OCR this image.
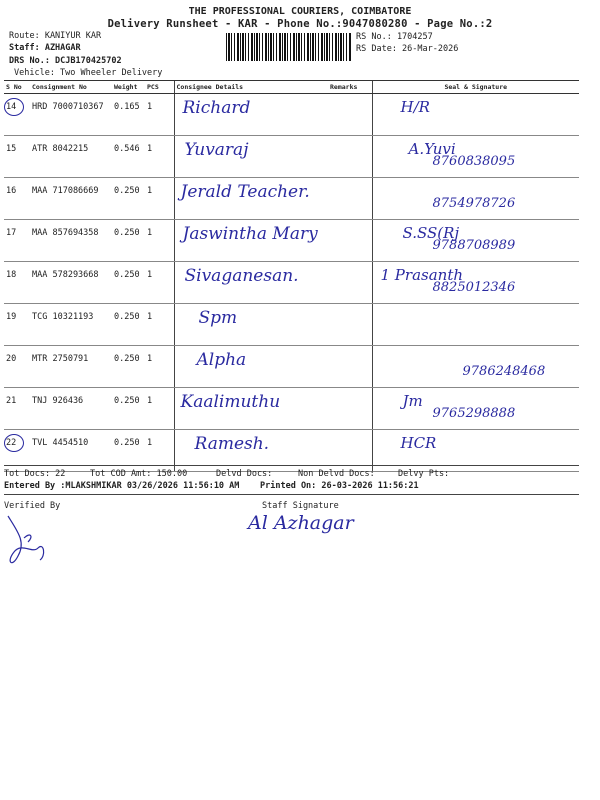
THE PROFESSIONAL COURIERS, COIMBATORE
Delivery Runsheet - KAR - Phone No.:9047080280 - Page No.:2
Route: KANIYUR KAR
Staff: AZHAGAR
DRS No.: DCJB170425702
Vehicle: Two Wheeler Delivery
RS No.: 1704257
RS Date: 26-Mar-2026
S No	Consignment No	Weight	PCS	Consignee Details	Remarks	Seal & Signature

14	HRD 7000710367	0.165	1	Richard		H/R

15	ATR 8042215	0.546	1	Yuvaraj		A.Yuvi
8760838095

16	MAA 717086669	0.250	1	Jerald Teacher.		8754978726

17	MAA 857694358	0.250	1	Jaswintha Mary		S.SS(Rj
9788708989

18	MAA 578293668	0.250	1	Sivaganesan.		1 Prasanth
8825012346

19	TCG 10321193	0.250	1	Spm		

20	MTR 2750791	0.250	1	Alpha		9786248468

21	TNJ 926436	0.250	1	Kaalimuthu		Jm
9765298888

22	TVL 4454510	0.250	1	Ramesh.		HCR
Tot Docs: 22	Tot COD Amt: 150.00	Delvd Docs:	Non Delvd Docs:	Delvy Pts:
Entered By :MLAKSHMIKAR 03/26/2026 11:56:10 AM Printed On: 26-03-2026 11:56:21
Verified By	Staff Signature
Al Azhagar
